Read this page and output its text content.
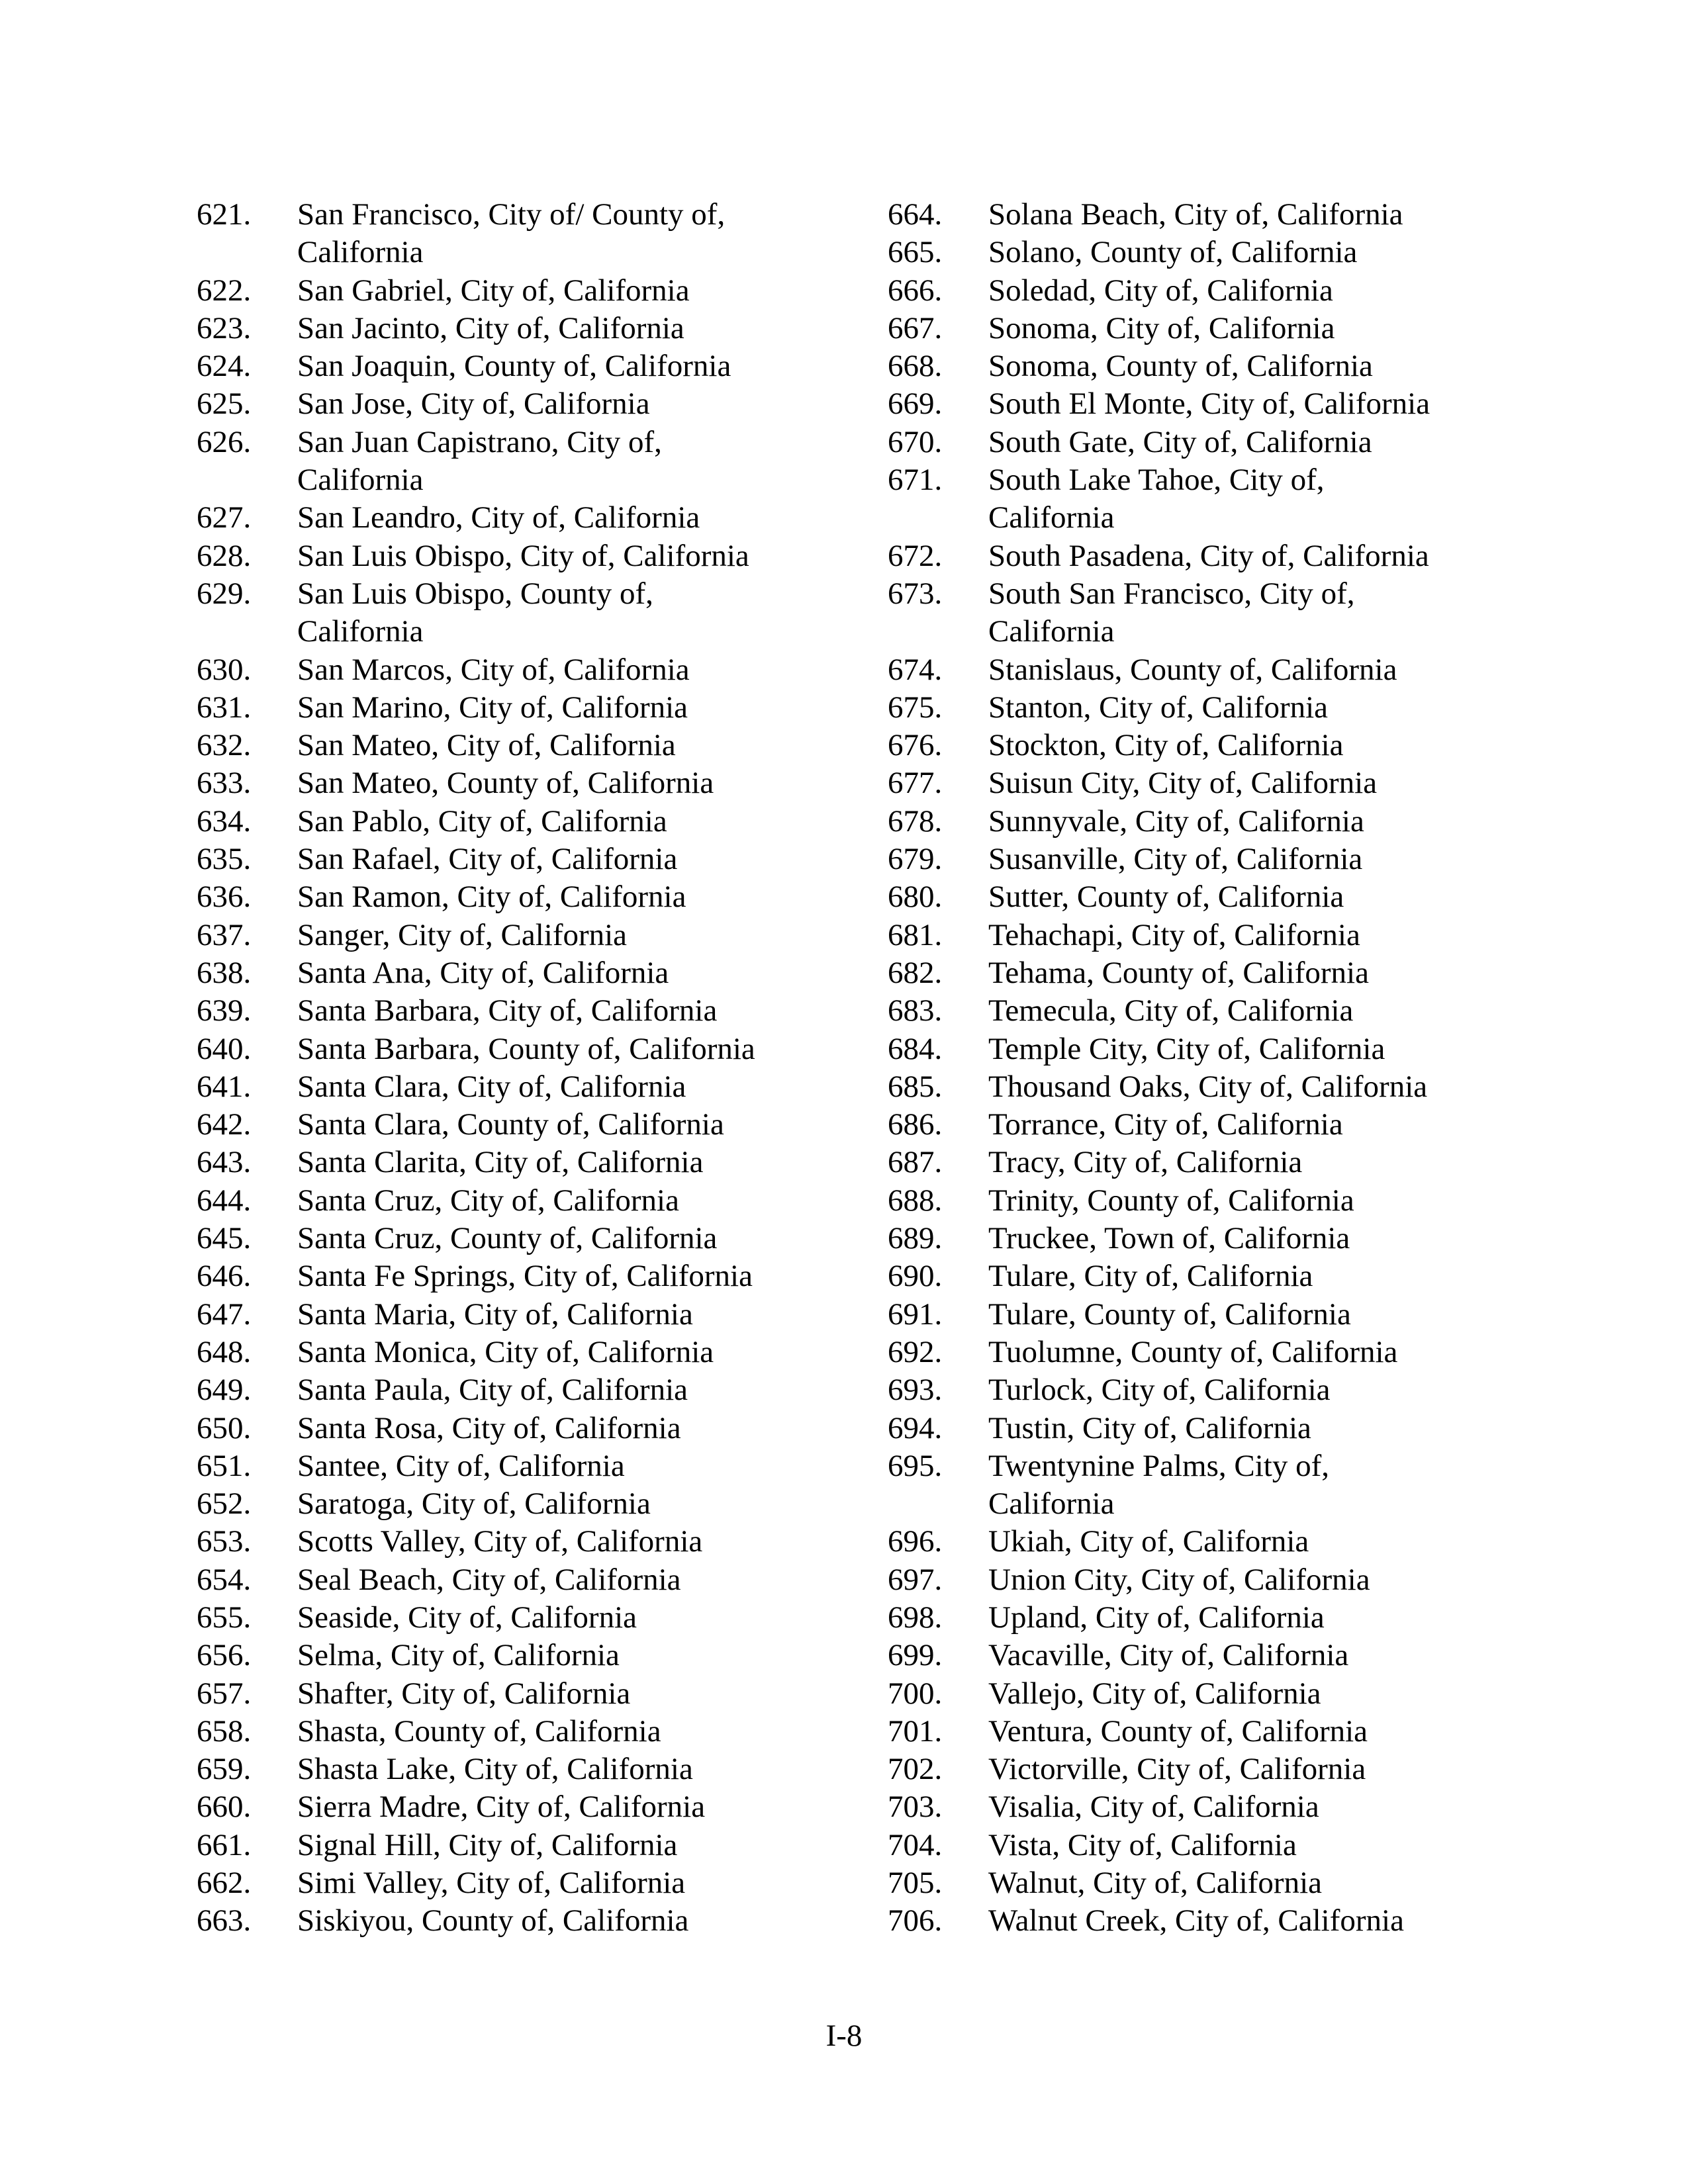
621.	San Francisco, City of/ County of,
California
622.	San Gabriel, City of, California
623.	San Jacinto, City of, California
624.	San Joaquin, County of, California
625.	San Jose, City of, California
626.	San Juan Capistrano, City of,
California
627.	San Leandro, City of, California
628.	San Luis Obispo, City of, California
629.	San Luis Obispo, County of,
California
630.	San Marcos, City of, California
631.	San Marino, City of, California
632.	San Mateo, City of, California
633.	San Mateo, County of, California
634.	San Pablo, City of, California
635.	San Rafael, City of, California
636.	San Ramon, City of, California
637.	Sanger, City of, California
638.	Santa Ana, City of, California
639.	Santa Barbara, City of, California
640.	Santa Barbara, County of, California
641.	Santa Clara, City of, California
642.	Santa Clara, County of, California
643.	Santa Clarita, City of, California
644.	Santa Cruz, City of, California
645.	Santa Cruz, County of, California
646.	Santa Fe Springs, City of, California
647.	Santa Maria, City of, California
648.	Santa Monica, City of, California
649.	Santa Paula, City of, California
650.	Santa Rosa, City of, California
651.	Santee, City of, California
652.	Saratoga, City of, California
653.	Scotts Valley, City of, California
654.	Seal Beach, City of, California
655.	Seaside, City of, California
656.	Selma, City of, California
657.	Shafter, City of, California
658.	Shasta, County of, California
659.	Shasta Lake, City of, California
660.	Sierra Madre, City of, California
661.	Signal Hill, City of, California
662.	Simi Valley, City of, California
663.	Siskiyou, County of, California
664.	Solana Beach, City of, California
665.	Solano, County of, California
666.	Soledad, City of, California
667.	Sonoma, City of, California
668.	Sonoma, County of, California
669.	South El Monte, City of, California
670.	South Gate, City of, California
671.	South Lake Tahoe, City of,
California
672.	South Pasadena, City of, California
673.	South San Francisco, City of,
California
674.	Stanislaus, County of, California
675.	Stanton, City of, California
676.	Stockton, City of, California
677.	Suisun City, City of, California
678.	Sunnyvale, City of, California
679.	Susanville, City of, California
680.	Sutter, County of, California
681.	Tehachapi, City of, California
682.	Tehama, County of, California
683.	Temecula, City of, California
684.	Temple City, City of, California
685.	Thousand Oaks, City of, California
686.	Torrance, City of, California
687.	Tracy, City of, California
688.	Trinity, County of, California
689.	Truckee, Town of, California
690.	Tulare, City of, California
691.	Tulare, County of, California
692.	Tuolumne, County of, California
693.	Turlock, City of, California
694.	Tustin, City of, California
695.	Twentynine Palms, City of,
California
696.	Ukiah, City of, California
697.	Union City, City of, California
698.	Upland, City of, California
699.	Vacaville, City of, California
700.	Vallejo, City of, California
701.	Ventura, County of, California
702.	Victorville, City of, California
703.	Visalia, City of, California
704.	Vista, City of, California
705.	Walnut, City of, California
706.	Walnut Creek, City of, California
I-8
